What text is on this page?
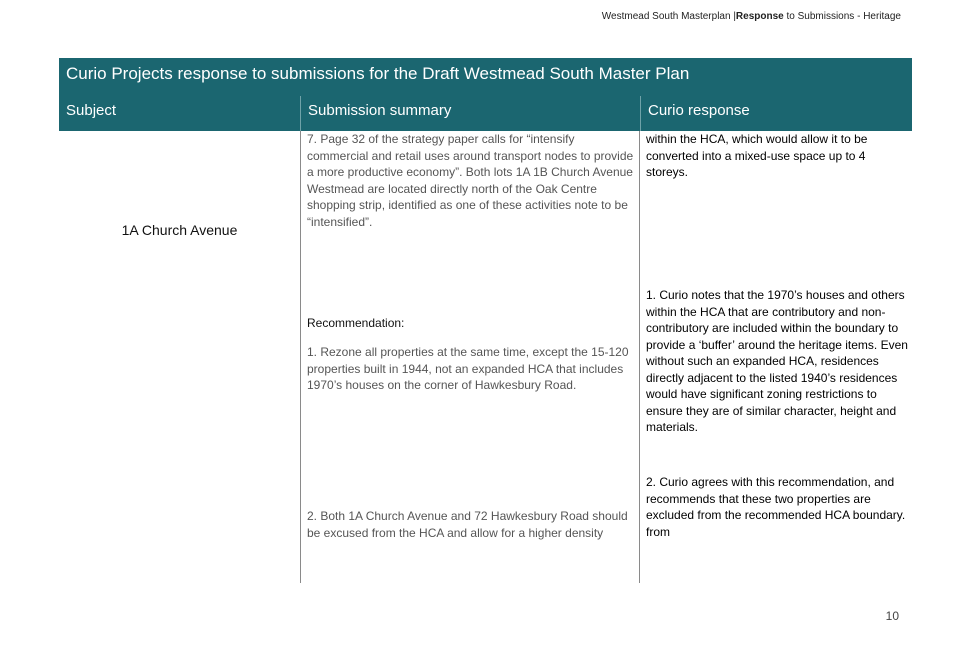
Westmead South Masterplan |Response to Submissions - Heritage
Curio Projects response to submissions for the Draft Westmead South Master Plan
Subject	Submission summary	Curio response
1A Church Avenue
7. Page 32 of the strategy paper calls for “intensify commercial and retail uses around transport nodes to provide a more productive economy”. Both lots 1A 1B Church Avenue Westmead are located directly north of the Oak Centre shopping strip, identified as one of these activities note to be “intensified”.
Recommendation:
1. Rezone all properties at the same time, except the 15-120 properties built in 1944, not an expanded HCA that includes 1970’s houses on the corner of Hawkesbury Road.
2. Both 1A Church Avenue and 72 Hawkesbury Road should be excused from the HCA and allow for a higher density
within the HCA, which would allow it to be converted into a mixed-use space up to 4 storeys.
1. Curio notes that the 1970’s houses and others within the HCA that are contributory and non-contributory are included within the boundary to provide a ‘buffer’ around the heritage items. Even without such an expanded HCA, residences directly adjacent to the listed 1940’s residences would have significant zoning restrictions to ensure they are of similar character, height and materials.
2. Curio agrees with this recommendation, and recommends that these two properties are excluded from the recommended HCA boundary. from
10
